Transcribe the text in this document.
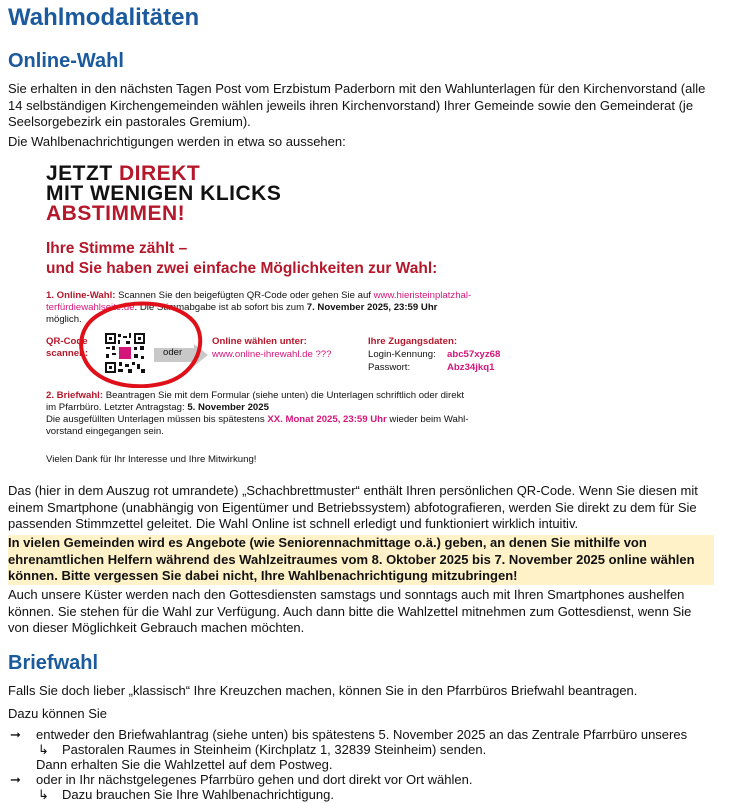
Wahlmodalitäten
Online-Wahl
Sie erhalten in den nächsten Tagen Post vom Erzbistum Paderborn mit den Wahlunterlagen für den Kirchenvorstand (alle 14 selbständigen Kirchengemeinden wählen jeweils ihren Kirchenvorstand) Ihrer Gemeinde sowie den Gemeinderat (je Seelsorgebezirk ein pastorales Gremium).
Die Wahlbenachrichtigungen werden in etwa so aussehen:
JETZT DIREKT
MIT WENIGEN KLICKS
ABSTIMMEN!
Ihre Stimme zählt –
und Sie haben zwei einfache Möglichkeiten zur Wahl:
1. Online-Wahl: Scannen Sie den beigefügten QR-Code oder gehen Sie auf www.hieristeinplatzhal-
terfürdiewahlseite.de. Die Stimmabgabe ist ab sofort bis zum 7. November 2025, 23:59 Uhr
möglich.
QR-Code
scannen:	oder
Online wählen unter:
www.online-ihrewahl.de ???
Ihre Zugangsdaten:
Login-Kennung: abc57xyz68
Passwort:	Abz34jkq1
2. Briefwahl: Beantragen Sie mit dem Formular (siehe unten) die Unterlagen schriftlich oder direkt
im Pfarrbüro. Letzter Antragstag: 5. November 2025
Die ausgefüllten Unterlagen müssen bis spätestens XX. Monat 2025, 23:59 Uhr wieder beim Wahl-
vorstand eingegangen sein.
Vielen Dank für Ihr Interesse und Ihre Mitwirkung!
Das (hier in dem Auszug rot umrandete) „Schachbrettmuster“ enthält Ihren persönlichen QR-Code. Wenn Sie diesen mit einem Smartphone (unabhängig von Eigentümer und Betriebssystem) abfotografieren, werden Sie direkt zu dem für Sie passenden Stimmzettel geleitet. Die Wahl Online ist schnell erledigt und funktioniert wirklich intuitiv.
In vielen Gemeinden wird es Angebote (wie Seniorennachmittage o.ä.) geben, an denen Sie mithilfe von ehrenamtlichen Helfern während des Wahlzeitraumes vom 8. Oktober 2025 bis 7. November 2025 online wählen können. Bitte vergessen Sie dabei nicht, Ihre Wahlbenachrichtigung mitzubringen!
Auch unsere Küster werden nach den Gottesdiensten samstags und sonntags auch mit Ihren Smartphones aushelfen können. Sie stehen für die Wahl zur Verfügung. Auch dann bitte die Wahlzettel mitnehmen zum Gottesdienst, wenn Sie von dieser Möglichkeit Gebrauch machen möchten.
Briefwahl
Falls Sie doch lieber „klassisch“ Ihre Kreuzchen machen, können Sie in den Pfarrbüros Briefwahl beantragen.
Dazu können Sie
➞ entweder den Briefwahlantrag (siehe unten) bis spätestens 5. November 2025 an das Zentrale Pfarrbüro unseres
↳ Pastoralen Raumes in Steinheim (Kirchplatz 1, 32839 Steinheim) senden.
Dann erhalten Sie die Wahlzettel auf dem Postweg.
➞ oder in Ihr nächstgelegenes Pfarrbüro gehen und dort direkt vor Ort wählen.
↳ Dazu brauchen Sie Ihre Wahlbenachrichtigung.
